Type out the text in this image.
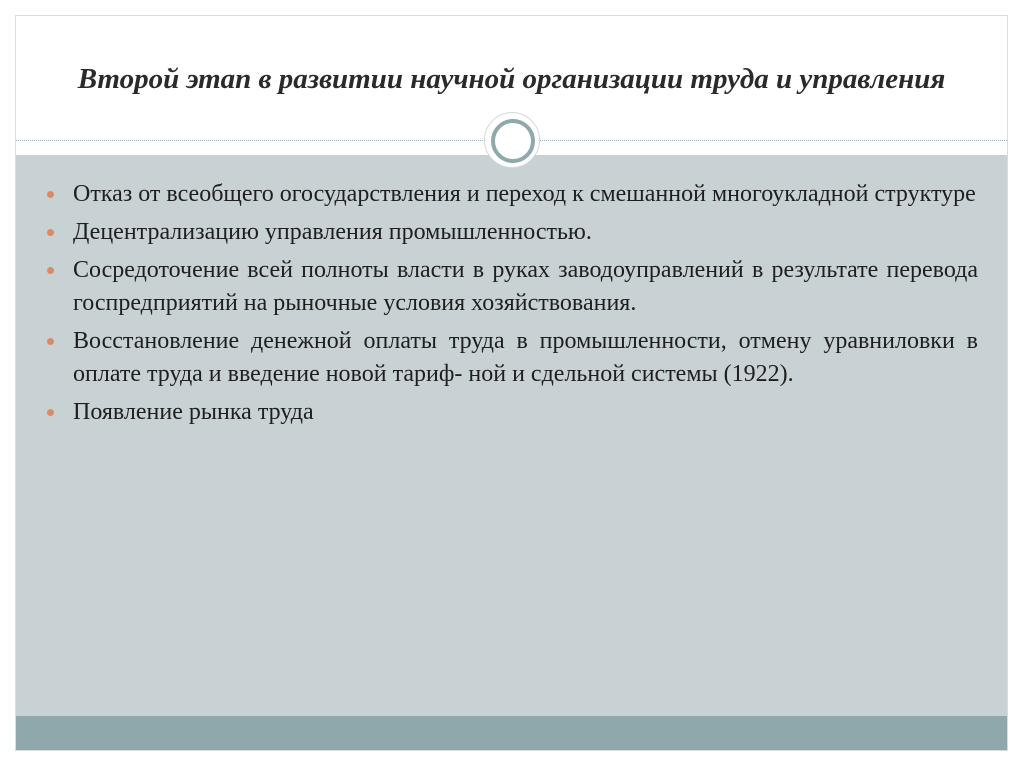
Второй этап в развитии научной организации труда и управления
Отказ от всеобщего огосударствления и переход к смешанной многоукладной структуре
Децентрализацию управления промышленностью.
Сосредоточение всей полноты власти в руках заводоуправлений в результате перевода госпредприятий на рыночные условия хозяйствования.
Восстановление денежной оплаты труда в промышленности, отмену уравниловки в оплате труда и введение новой тариф- ной и сдельной системы (1922).
Появление рынка труда
